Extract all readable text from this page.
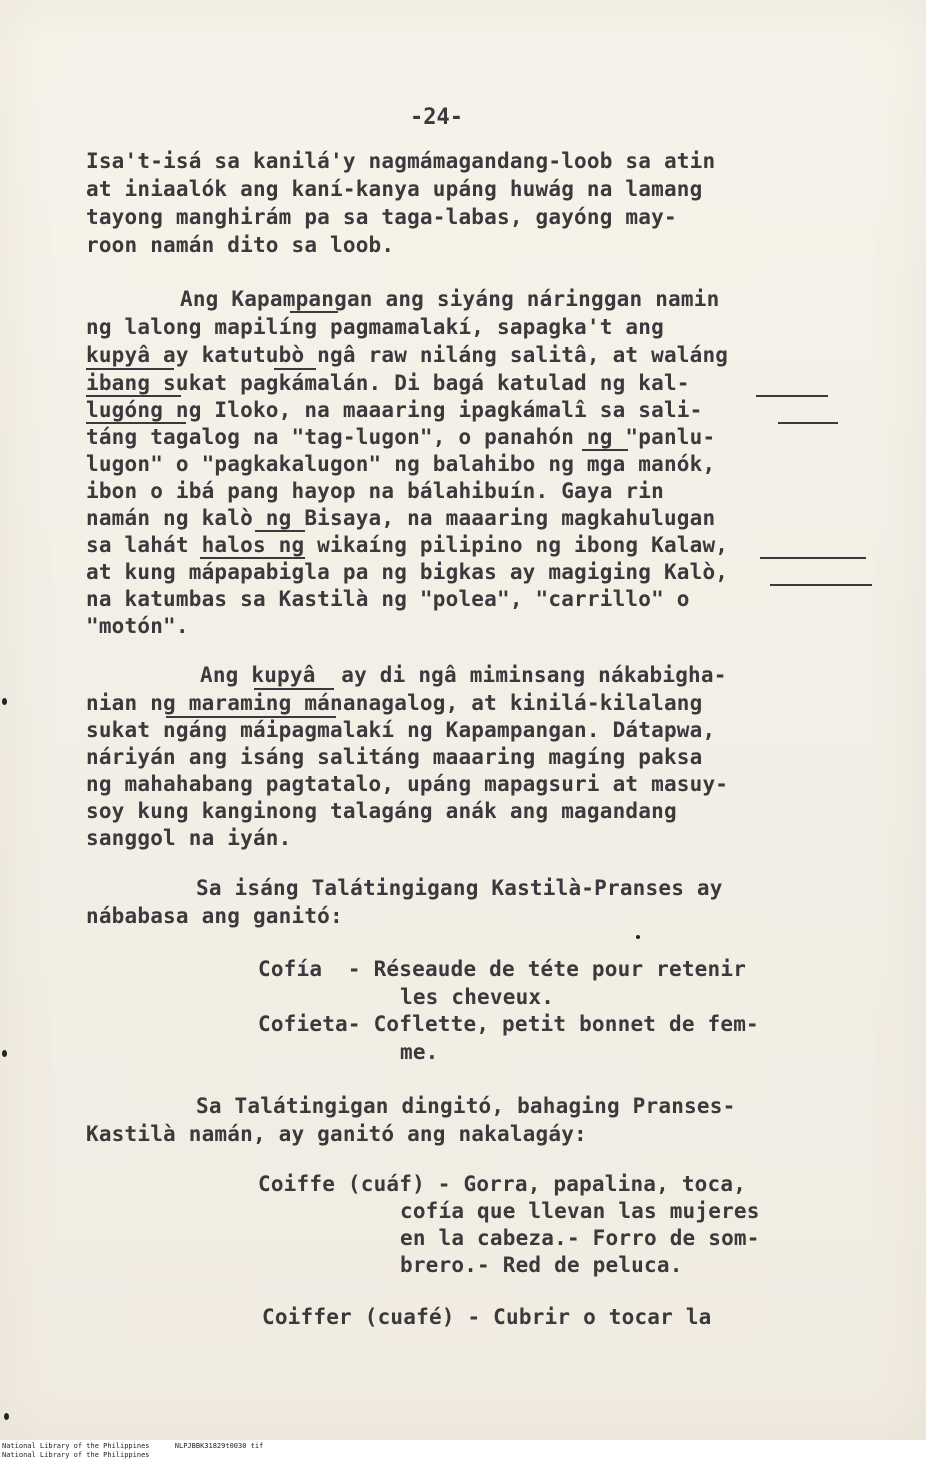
-24-
Isa't-isá sa kanilá'y nagmámagandang-loob sa atin
at iniaalók ang kaní-kanya upáng huwág na lamang
tayong manghirám pa sa taga-labas, gayóng may-
roon namán dito sa loob.
Ang Kapampangan ang siyáng náringgan namin
ng lalong mapilíng pagmamalakí, sapagka't ang
kupyâ ay katutubò ngâ raw niláng salitâ, at waláng
ibang sukat pagkámalán. Di bagá katulad ng kal-
lugóng ng Iloko, na maaaring ipagkámalî sa sali-
táng tagalog na "tag-lugon", o panahón ng "panlu-
lugon" o "pagkakalugon" ng balahibo ng mga manók,
ibon o ibá pang hayop na bálahibuín. Gaya rin
namán ng kalò ng Bisaya, na maaaring magkahulugan
sa lahát halos ng wikaíng pilipino ng ibong Kalaw,
at kung mápapabigla pa ng bigkas ay magiging Kalò,
na katumbas sa Kastilà ng "polea", "carrillo" o
"motón".
Ang kupyâ  ay di ngâ miminsang nákabigha-
nian ng maraming mánanagalog, at kinilá-kilalang
sukat ngáng máipagmalakí ng Kapampangan. Dátapwa,
náriyán ang isáng salitáng maaaring magíng paksa
ng mahahabang pagtatalo, upáng mapagsuri at masuy-
soy kung kanginong talagáng anák ang magandang
sanggol na iyán.
Sa isáng Talátingigang Kastilà-Pranses ay
nábabasa ang ganitó:
Cofía  - Réseaude de téte pour retenir
les cheveux.
Cofieta- Coflette, petit bonnet de fem-
me.
Sa Talátingigan dingitó, bahaging Pranses-
Kastilà namán, ay ganitó ang nakalagáy:
Coiffe (cuáf) - Gorra, papalina, toca,
cofía que llevan las mujeres
en la cabeza.- Forro de som-
brero.- Red de peluca.
Coiffer (cuafé) - Cubrir o tocar la
National Library of the Philippines      NLPJBBK31829t0030 tif
National Library of the Philippines
